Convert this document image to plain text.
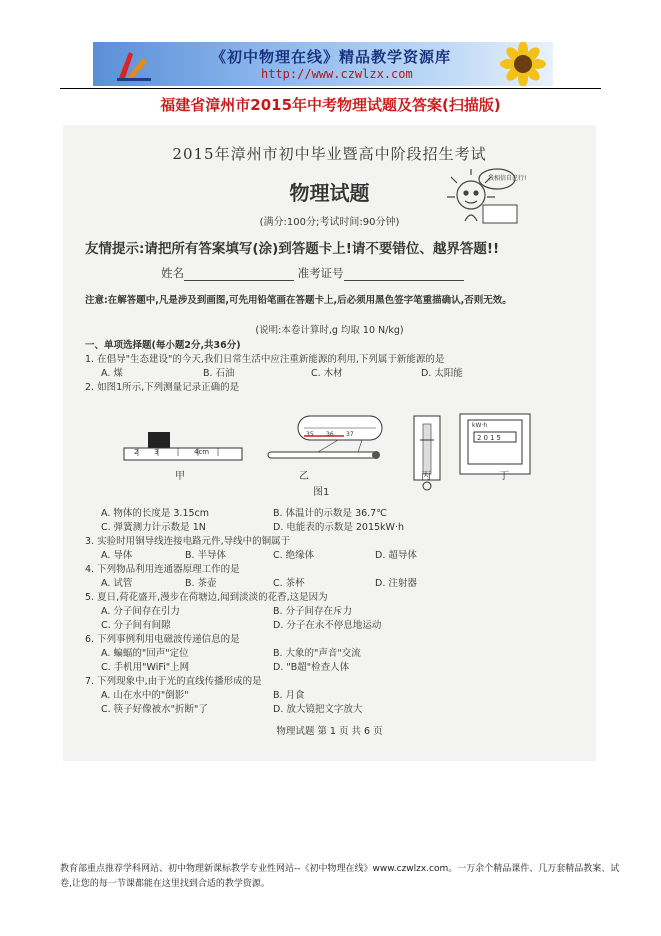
《初中物理在线》精品教学资源库
http://www.czwlzx.com
福建省漳州市2015年中考物理试题及答案(扫描版)
2015年漳州市初中毕业暨高中阶段招生考试
物理试题
我相信自己行!
(满分:100分;考试时间:90分钟)
友情提示:请把所有答案填写(涂)到答题卡上!请不要错位、越界答题!!
姓名	准考证号
注意:在解答题中,凡是涉及到画图,可先用铅笔画在答题卡上,后必须用黑色签字笔重描确认,否则无效。
(说明:本卷计算时,g 均取 10 N/kg)
一、单项选择题(每小题2分,共36分)
1. 在倡导"生态建设"的今天,我们日常生活中应注重新能源的利用,下列属于新能源的是
A. 煤	B. 石油	C. 木材	D. 太阳能
2. 如图1所示,下列测量记录正确的是
2 3	4cm
35 36 37
kW·h
2015
甲	乙	丙	丁
图1
A. 物体的长度是 3.15cm	B. 体温计的示数是 36.7℃
C. 弹簧测力计示数是 1N	D. 电能表的示数是 2015kW·h
3. 实验时用铜导线连接电路元件,导线中的铜属于
A. 导体	B. 半导体	C. 绝缘体	D. 超导体
4. 下列物品利用连通器原理工作的是
A. 试管	B. 茶壶	C. 茶杯	D. 注射器
5. 夏日,荷花盛开,漫步在荷塘边,闻到淡淡的花香,这是因为
A. 分子间存在引力	B. 分子间存在斥力
C. 分子间有间隙	D. 分子在永不停息地运动
6. 下列事例利用电磁波传递信息的是
A. 蝙蝠的"回声"定位	B. 大象的"声音"交流
C. 手机用"WiFi"上网	D. "B超"检查人体
7. 下列现象中,由于光的直线传播形成的是
A. 山在水中的"倒影"	B. 月食
C. 筷子好像被水"折断"了	D. 放大镜把文字放大
物理试题 第 1 页 共 6 页
教育部重点推荐学科网站、初中物理新课标教学专业性网站--《初中物理在线》www.czwlzx.com。一万余个精品课件、几万套精品教案、试卷,让您的每一节课都能在这里找到合适的教学资源。
